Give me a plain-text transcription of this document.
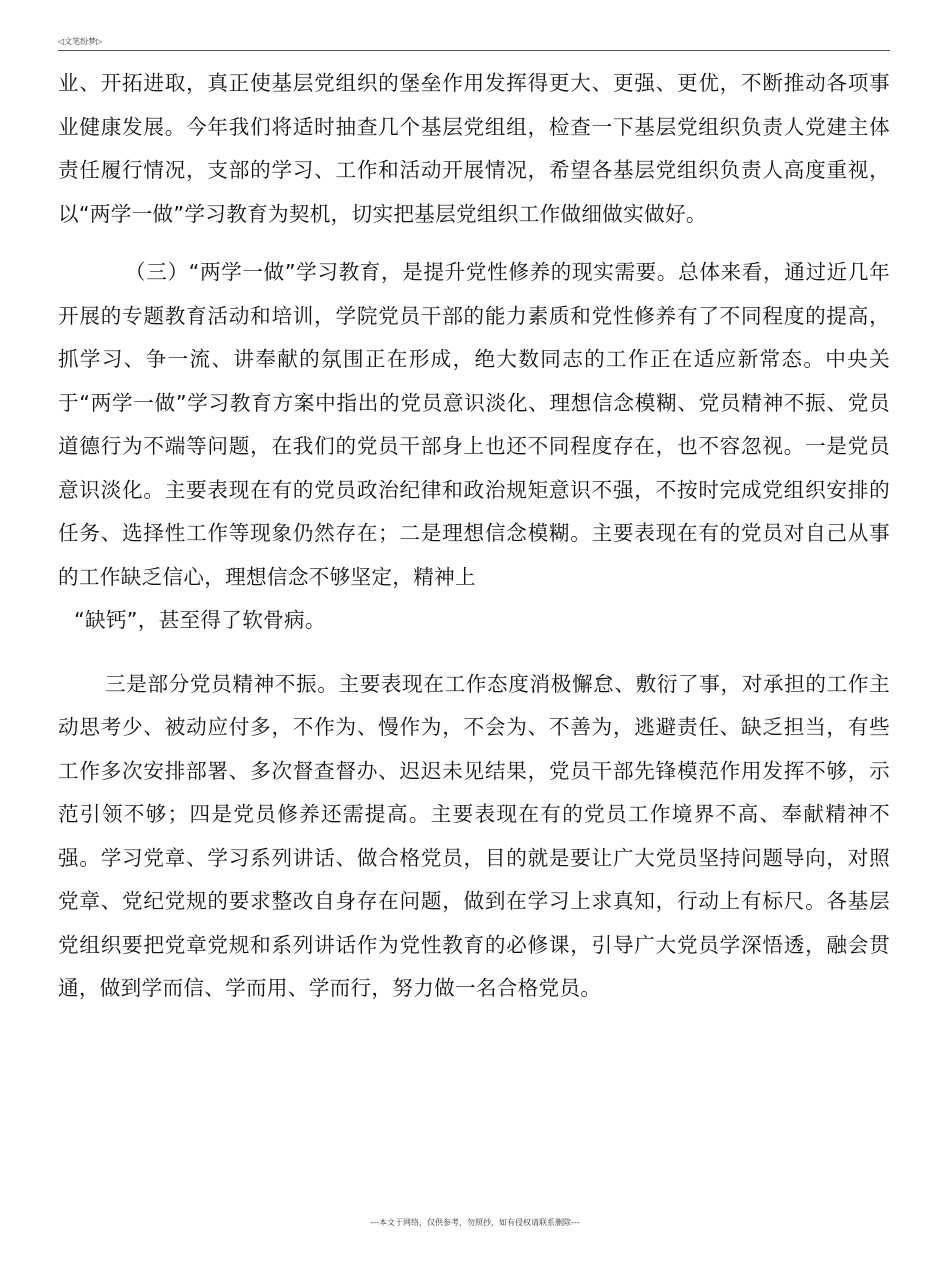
◁文笔纷梦▷

业、开拓进取，真正使基层党组织的堡垒作用发挥得更大、更强、更优，不断推动各项事业健康发展。今年我们将适时抽查几个基层党组组，检查一下基层党组织负责人党建主体责任履行情况，支部的学习、工作和活动开展情况，希望各基层党组织负责人高度重视，以“两学一做”学习教育为契机，切实把基层党组织工作做细做实做好。

（三）“两学一做”学习教育，是提升党性修养的现实需要。总体来看，通过近几年开展的专题教育活动和培训，学院党员干部的能力素质和党性修养有了不同程度的提高，抓学习、争一流、讲奉献的氛围正在形成，绝大数同志的工作正在适应新常态。中央关于“两学一做”学习教育方案中指出的党员意识淡化、理想信念模糊、党员精神不振、党员道德行为不端等问题，在我们的党员干部身上也还不同程度存在，也不容忽视。一是党员意识淡化。主要表现在有的党员政治纪律和政治规矩意识不强，不按时完成党组织安排的任务、选择性工作等现象仍然存在；二是理想信念模糊。主要表现在有的党员对自己从事的工作缺乏信心，理想信念不够坚定，精神上

“缺钙”，甚至得了软骨病。

三是部分党员精神不振。主要表现在工作态度消极懈怠、敷衍了事，对承担的工作主动思考少、被动应付多，不作为、慢作为，不会为、不善为，逃避责任、缺乏担当，有些工作多次安排部署、多次督查督办、迟迟未见结果，党员干部先锋模范作用发挥不够，示范引领不够；四是党员修养还需提高。主要表现在有的党员工作境界不高、奉献精神不强。学习党章、学习系列讲话、做合格党员，目的就是要让广大党员坚持问题导向，对照党章、党纪党规的要求整改自身存在问题，做到在学习上求真知，行动上有标尺。各基层党组织要把党章党规和系列讲话作为党性教育的必修课，引导广大党员学深悟透，融会贯通，做到学而信、学而用、学而行，努力做一名合格党员。

---本文于网络，仅供参考，勿照抄，如有侵权请联系删除---
